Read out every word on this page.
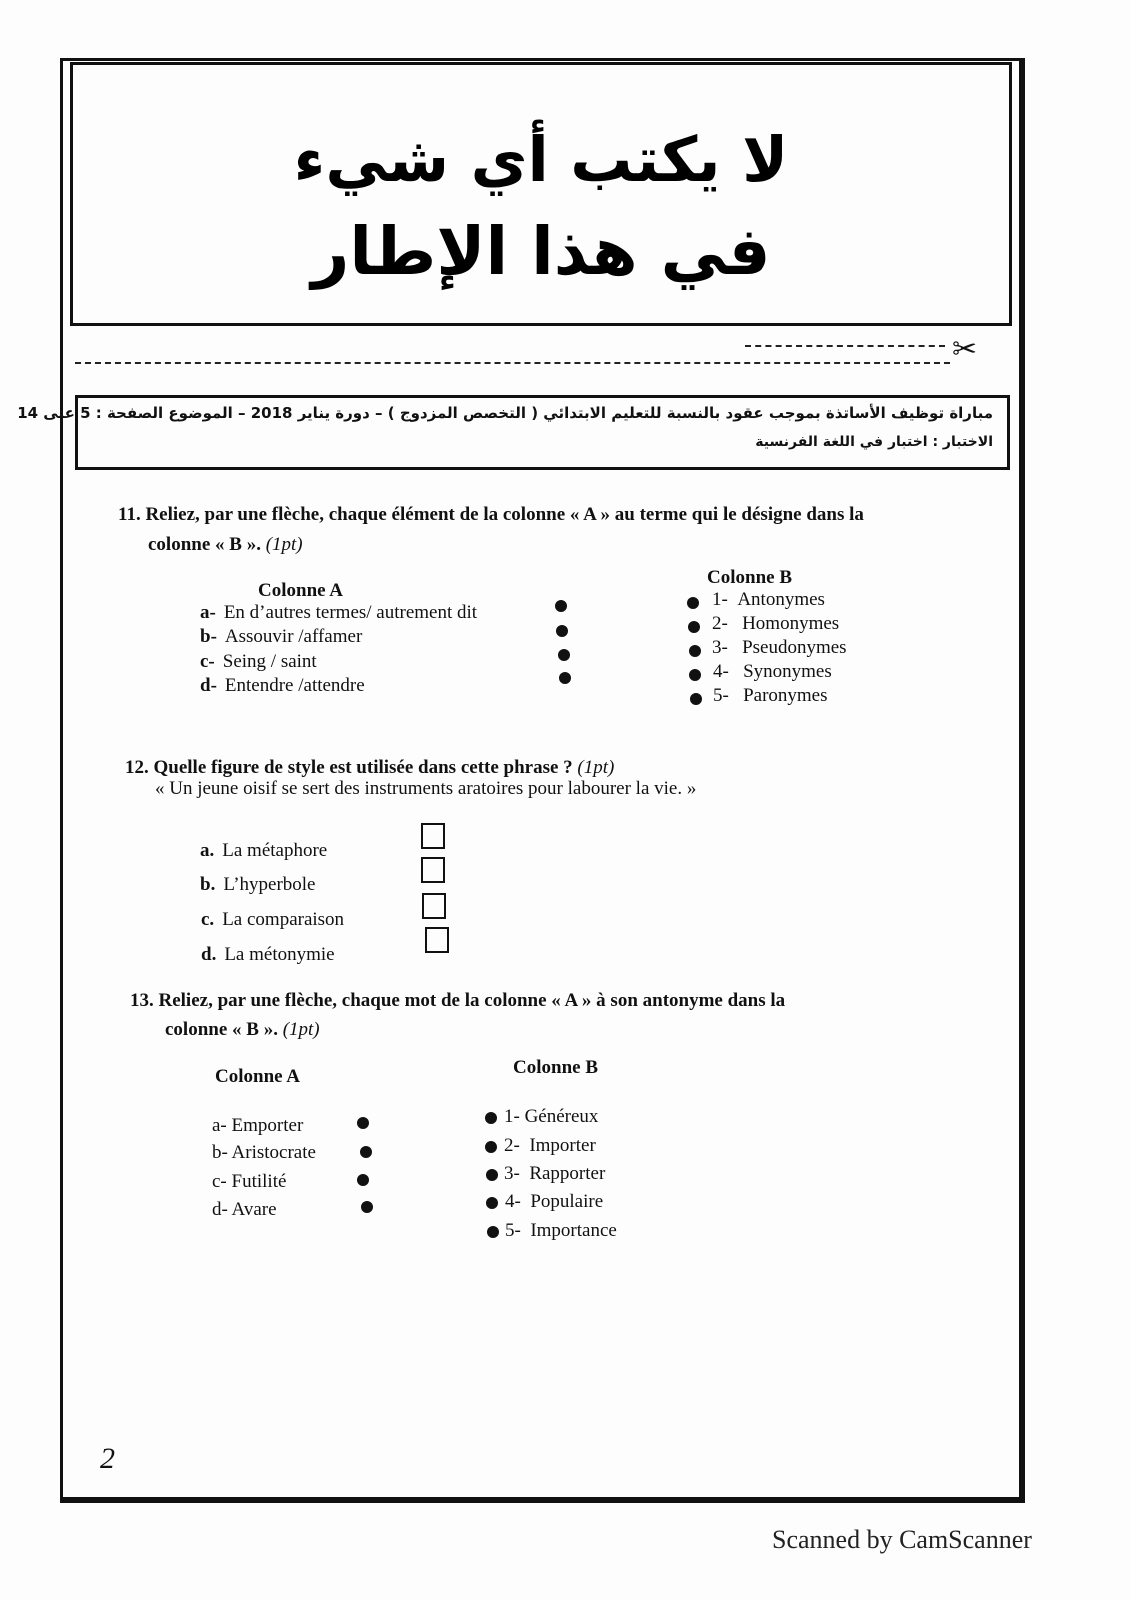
لا يكتب أي شيء
في هذا الإطار
✂
مباراة توظيف الأساتذة بموجب عقود بالنسبة للتعليم الابتدائي ( التخصص المزدوج ) – دورة يناير 2018 – الموضوع الصفحة : 5 على 14
الاختبار : اختبار في اللغة الفرنسية
11. Reliez, par une flèche, chaque élément de la colonne « A » au terme qui le désigne dans la
colonne « B ». (1pt)
Colonne A
Colonne B
a- En d’autres termes/ autrement dit
b- Assouvir /affamer
c- Seing / saint
d- Entendre /attendre
1- Antonymes
2- Homonymes
3- Pseudonymes
4- Synonymes
5- Paronymes
12. Quelle figure de style est utilisée dans cette phrase ? (1pt)
« Un jeune oisif se sert des instruments aratoires pour labourer la vie. »
a. La métaphore
b. L’hyperbole
c. La comparaison
d. La métonymie
13. Reliez, par une flèche, chaque mot de la colonne « A » à son antonyme dans la
colonne « B ». (1pt)
Colonne A	Colonne B
a- Emporter
b- Aristocrate
c- Futilité
d- Avare
1- Généreux
2- Importer
3- Rapporter
4- Populaire
5- Importance
2
Scanned by CamScanner
